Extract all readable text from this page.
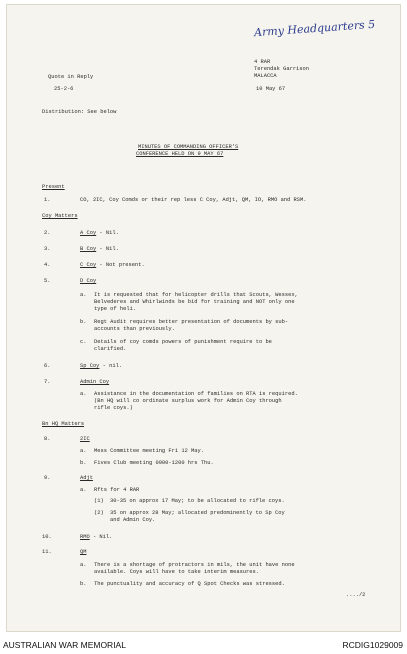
Army Headquarters 5
4 RAR
Terendak Garrison
MALACCA
Quote in Reply
25-2-6	10 May 67
Distribution: See below
MINUTES OF COMMANDING OFFICER'S
CONFERENCE HELD ON 9 MAY 67
Present
1.	CO, 2IC, Coy Comds or their rep less C Coy, Adjt, QM, IO, RMO and RSM.
Coy Matters
2.	A Coy - Nil.
3.	B Coy - Nil.
4.	C Coy - Not present.
5.	D Coy
a. It is requested that for helicopter drills that Scouts, Wessex,
Belvederes and Whirlwinds be bid for training and NOT only one
type of heli.
b. Regt Audit requires better presentation of documents by sub-
accounts than previously.
c. Details of coy comds powers of punishment require to be
clarified.
6.	Sp Coy - nil.
7.	Admin Coy
a. Assistance in the documentation of families on RTA is required.
(Bn HQ will co ordinate surplus work for Admin Coy through
rifle coys.)
Bn HQ Matters
8.	2IC
a. Mess Committee meeting Fri 12 May.
b. Fives Club meeting 0900-1200 hrs Thu.
9.	Adjt
a. Rfts for 4 RAR
(1) 30-35 on approx 17 May; to be allocated to rifle coys.
(2) 35 on approx 28 May; allocated predominently to Sp Coy
and Admin Coy.
10.	RMO - Nil.
11.	QM
a. There is a shortage of protractors in mils, the unit have none
available. Coys will have to take interim measures.
b. The punctuality and accuracy of Q Spot Checks was stressed.
..../2
AUSTRALIAN WAR MEMORIAL	RCDIG1029009
